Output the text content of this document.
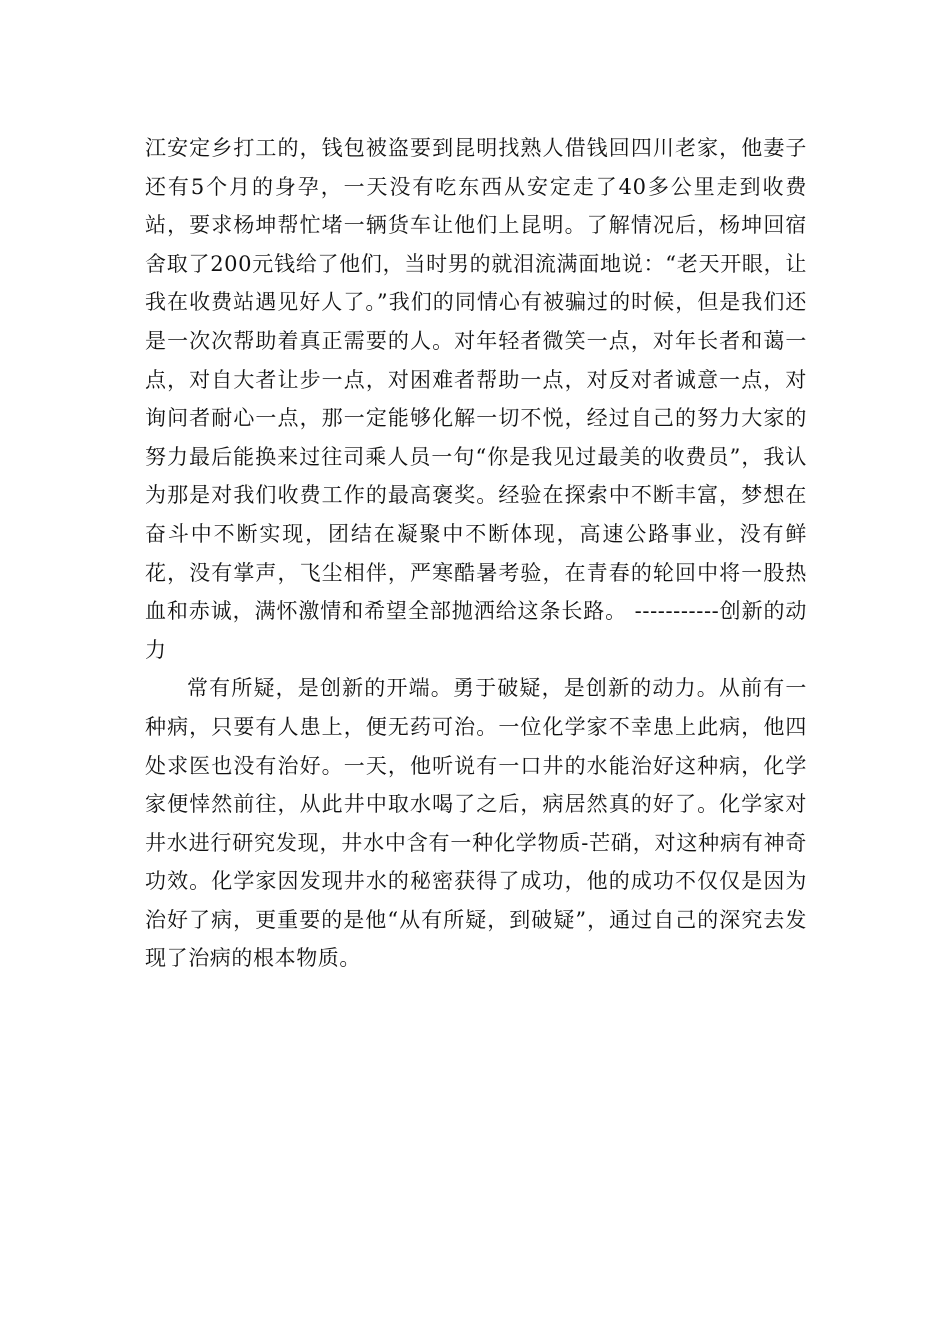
江安定乡打工的，钱包被盗要到昆明找熟人借钱回四川老家，他妻子还有5个月的身孕，一天没有吃东西从安定走了40多公里走到收费站，要求杨坤帮忙堵一辆货车让他们上昆明。了解情况后，杨坤回宿舍取了200元钱给了他们，当时男的就泪流满面地说：“老天开眼，让我在收费站遇见好人了。”我们的同情心有被骗过的时候，但是我们还是一次次帮助着真正需要的人。对年轻者微笑一点，对年长者和蔼一点，对自大者让步一点，对困难者帮助一点，对反对者诚意一点，对询问者耐心一点，那一定能够化解一切不悦，经过自己的努力大家的努力最后能换来过往司乘人员一句“你是我见过最美的收费员”，我认为那是对我们收费工作的最高褒奖。经验在探索中不断丰富，梦想在奋斗中不断实现，团结在凝聚中不断体现，高速公路事业，没有鲜花，没有掌声，飞尘相伴，严寒酷暑考验，在青春的轮回中将一股热血和赤诚，满怀激情和希望全部抛洒给这条长路。 -----------创新的动力

常有所疑，是创新的开端。勇于破疑，是创新的动力。从前有一种病，只要有人患上，便无药可治。一位化学家不幸患上此病，他四处求医也没有治好。一天，他听说有一口井的水能治好这种病，化学家便悻然前往，从此井中取水喝了之后，病居然真的好了。化学家对井水进行研究发现，井水中含有一种化学物质-芒硝，对这种病有神奇功效。化学家因发现井水的秘密获得了成功，他的成功不仅仅是因为治好了病，更重要的是他“从有所疑，到破疑”，通过自己的深究去发现了治病的根本物质。
